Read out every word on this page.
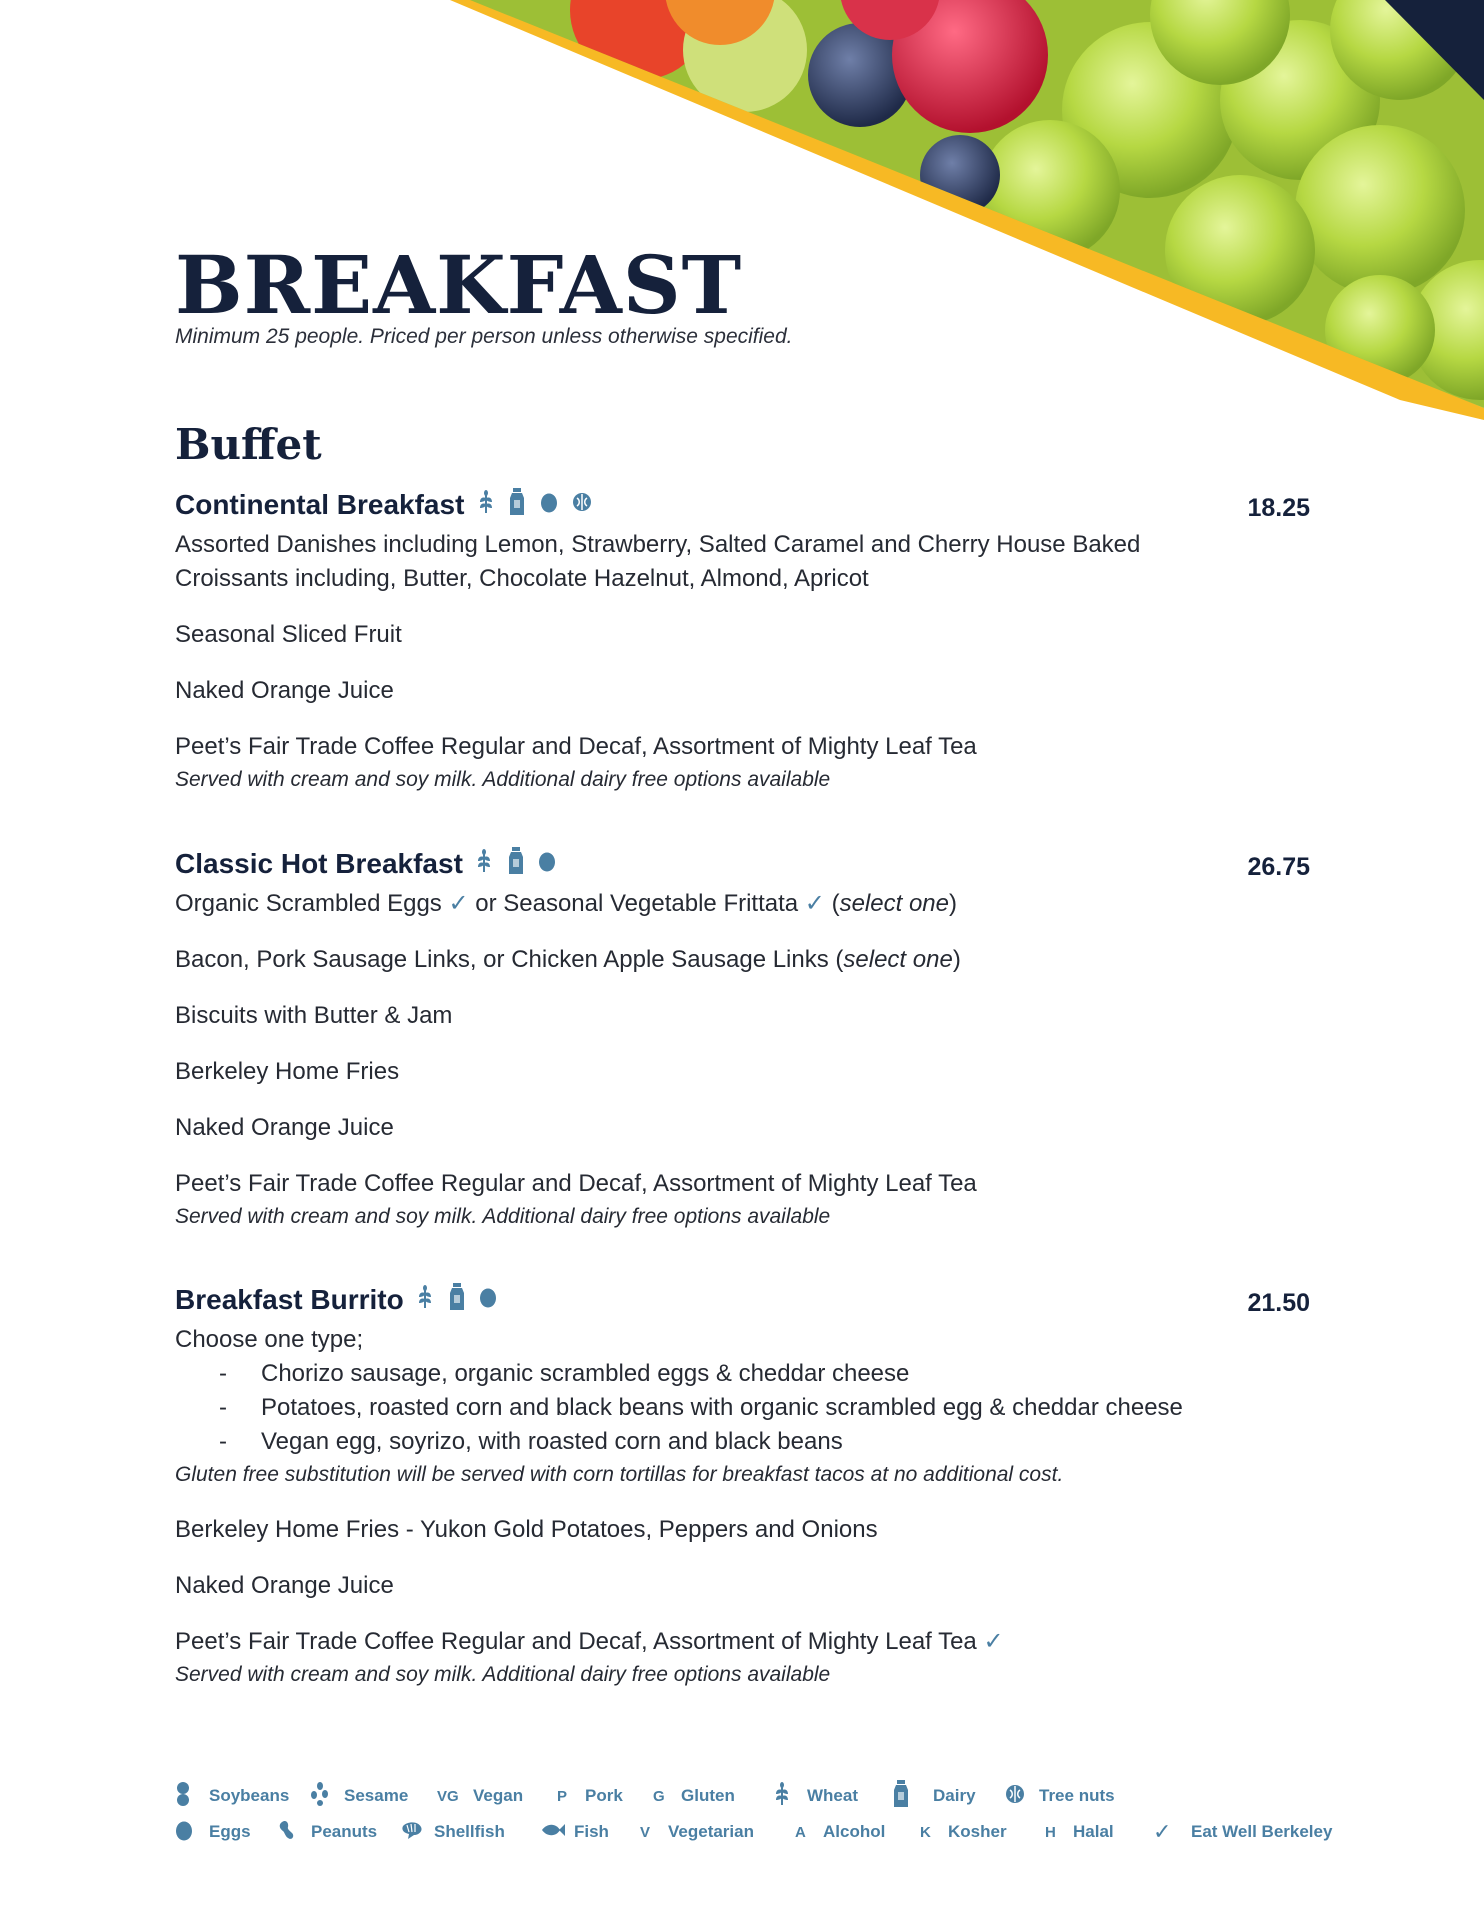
BREAKFAST
Minimum 25 people. Priced per person unless otherwise specified.
Buffet
Continental Breakfast	18.25

Assorted Danishes including Lemon, Strawberry, Salted Caramel and Cherry House Baked

Croissants including, Butter, Chocolate Hazelnut, Almond, Apricot

Seasonal Sliced Fruit

Naked Orange Juice

Peet’s Fair Trade Coffee Regular and Decaf, Assortment of Mighty Leaf Tea

Served with cream and soy milk. Additional dairy free options available
Classic Hot Breakfast	26.75

Organic Scrambled Eggs ✓ or Seasonal Vegetable Frittata ✓ (select one)

Bacon, Pork Sausage Links, or Chicken Apple Sausage Links (select one)

Biscuits with Butter & Jam

Berkeley Home Fries

Naked Orange Juice

Peet’s Fair Trade Coffee Regular and Decaf, Assortment of Mighty Leaf Tea

Served with cream and soy milk. Additional dairy free options available
Breakfast Burrito	21.50

Choose one type;

- Chorizo sausage, organic scrambled eggs & cheddar cheese
- Potatoes, roasted corn and black beans with organic scrambled egg & cheddar cheese
- Vegan egg, soyrizo, with roasted corn and black beans
Gluten free substitution will be served with corn tortillas for breakfast tacos at no additional cost.

Berkeley Home Fries - Yukon Gold Potatoes, Peppers and Onions

Naked Orange Juice

Peet’s Fair Trade Coffee Regular and Decaf, Assortment of Mighty Leaf Tea ✓

Served with cream and soy milk. Additional dairy free options available
Soybeans	Sesame VG Vegan P	Pork G Gluten	Wheat	Dairy	Tree nuts
Eggs	Peanuts	Shellfish	Fish V	Vegetarian	A	Alcohol K	Kosher	H	Halal ✓	Eat Well Berkeley
